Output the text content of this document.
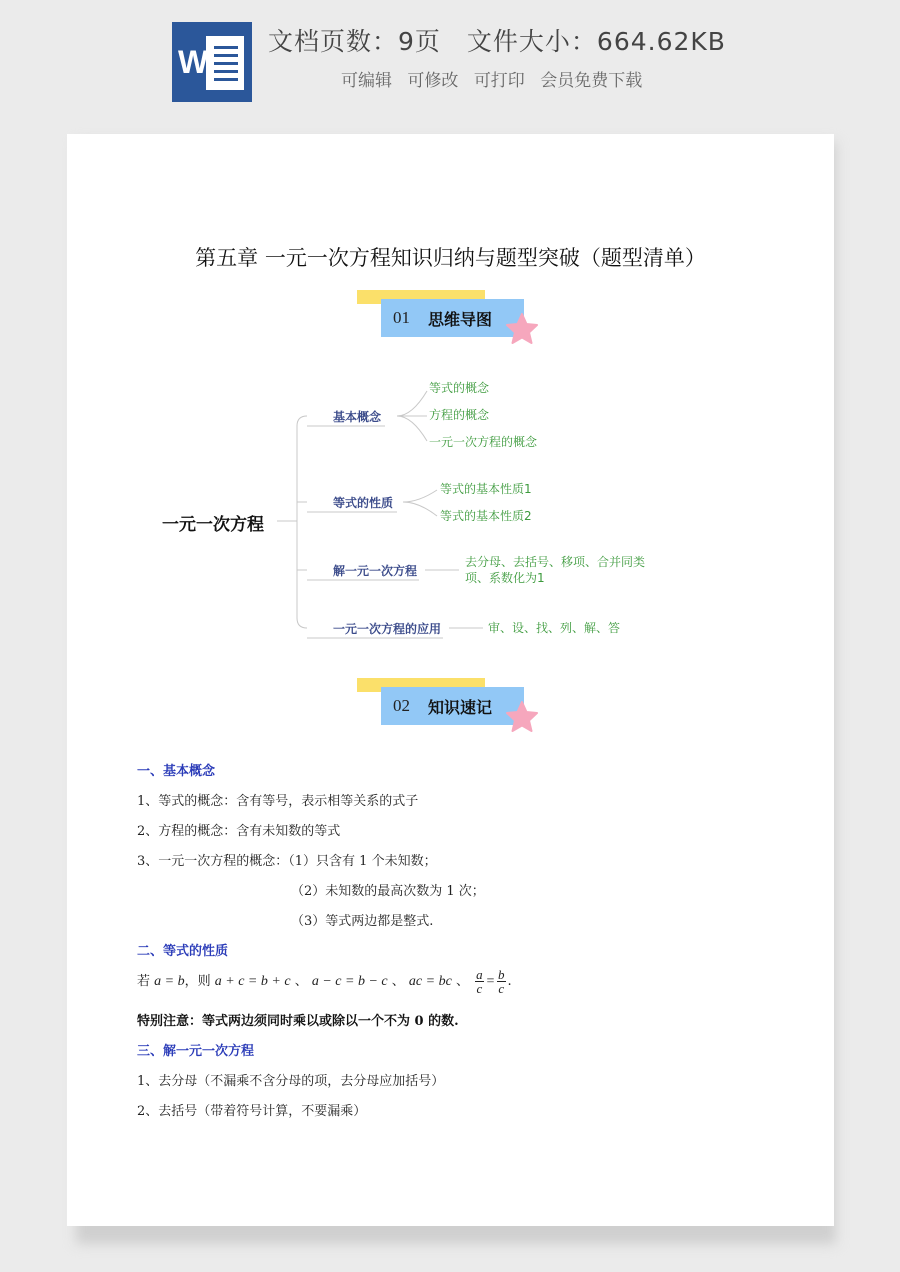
W
文档页数：9页 文件大小：664.62KB
可编辑 可修改 可打印 会员免费下载
第五章 一元一次方程知识归纳与题型突破（题型清单）
01 思维导图
一元一次方程
基本概念
等式的概念
方程的概念
一元一次方程的概念
等式的性质
等式的基本性质1
等式的基本性质2
解一元一次方程
去分母、去括号、移项、合并同类
项、系数化为1
一元一次方程的应用	审、设、找、列、解、答
02 知识速记
一、基本概念
1、等式的概念：含有等号，表示相等关系的式子
2、方程的概念：含有未知数的等式
3、一元一次方程的概念：（1）只含有 1 个未知数；
（2）未知数的最高次数为 1 次；
（3）等式两边都是整式.
二、等式的性质
若 a = b，则 a + c = b + c 、 a − c = b − c 、 ac = bc 、 $\frac{a}{c} = \frac{b}{c}$ .
特别注意：等式两边须同时乘以或除以一个不为 0 的数.
三、解一元一次方程
1、去分母（不漏乘不含分母的项，去分母应加括号）
2、去括号（带着符号计算，不要漏乘）
